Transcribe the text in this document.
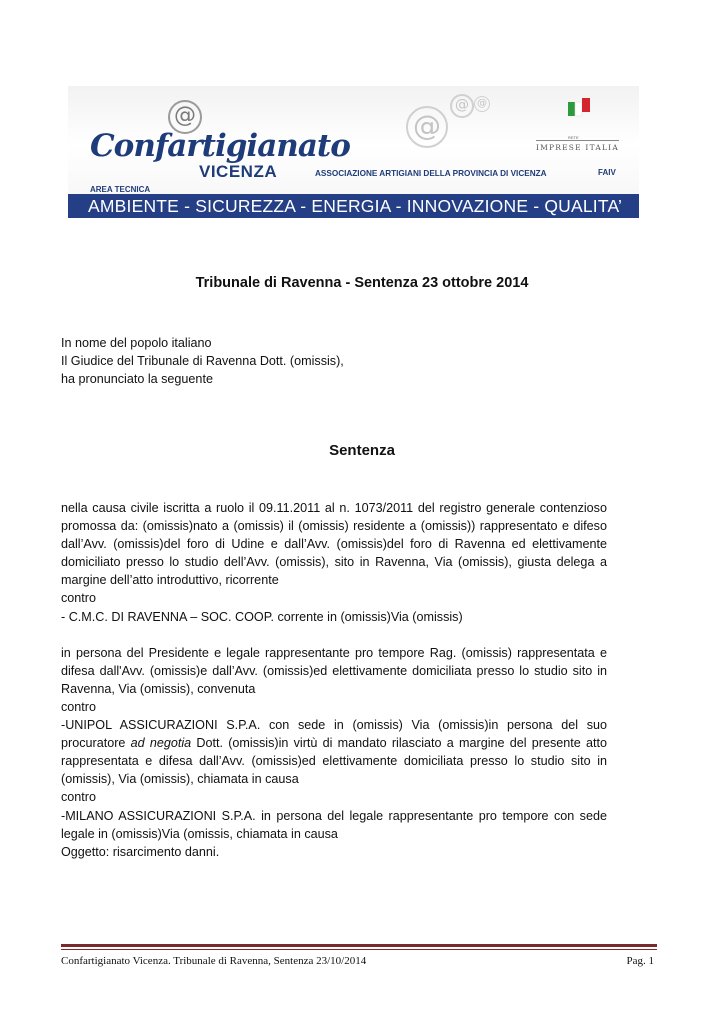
@	@
@ @
Confartigianato
VICENZA
AREA TECNICA
ASSOCIAZIONE ARTIGIANI DELLA PROVINCIA DI VICENZA	FAIV
RETE
IMPRESE ITALIA
AMBIENTE - SICUREZZA - ENERGIA - INNOVAZIONE - QUALITA’
Tribunale di Ravenna - Sentenza 23 ottobre 2014
In nome del popolo italiano
Il Giudice del Tribunale di Ravenna Dott. (omissis),
ha pronunciato la seguente
Sentenza

nella causa civile iscritta a ruolo il 09.11.2011 al n. 1073/2011 del registro generale contenzioso promossa da: (omissis)nato a (omissis) il (omissis) residente a (omissis)) rappresentato e difeso dall’Avv. (omissis)del foro di Udine e dall’Avv. (omissis)del foro di Ravenna ed elettivamente domiciliato presso lo studio dell’Avv. (omissis), sito in Ravenna, Via (omissis), giusta delega a margine dell’atto introduttivo, ricorrente

contro

- C.M.C. DI RAVENNA – SOC. COOP. corrente in (omissis)Via (omissis)

in persona del Presidente e legale rappresentante pro tempore Rag. (omissis) rappresentata e difesa dall'Avv. (omissis)e dall’Avv. (omissis)ed elettivamente domiciliata presso lo studio sito in Ravenna, Via (omissis), convenuta

contro

-UNIPOL ASSICURAZIONI S.P.A. con sede in (omissis) Via (omissis)in persona del suo procuratore ad negotia Dott. (omissis)in virtù di mandato rilasciato a margine del presente atto rappresentata e difesa dall’Avv. (omissis)ed elettivamente domiciliata presso lo studio sito in (omissis), Via (omissis), chiamata in causa

contro

-MILANO ASSICURAZIONI S.P.A. in persona del legale rappresentante pro tempore con sede legale in (omissis)Via (omissis, chiamata in causa

Oggetto: risarcimento danni.

Confartigianato Vicenza. Tribunale di Ravenna, Sentenza 23/10/2014	Pag. 1
